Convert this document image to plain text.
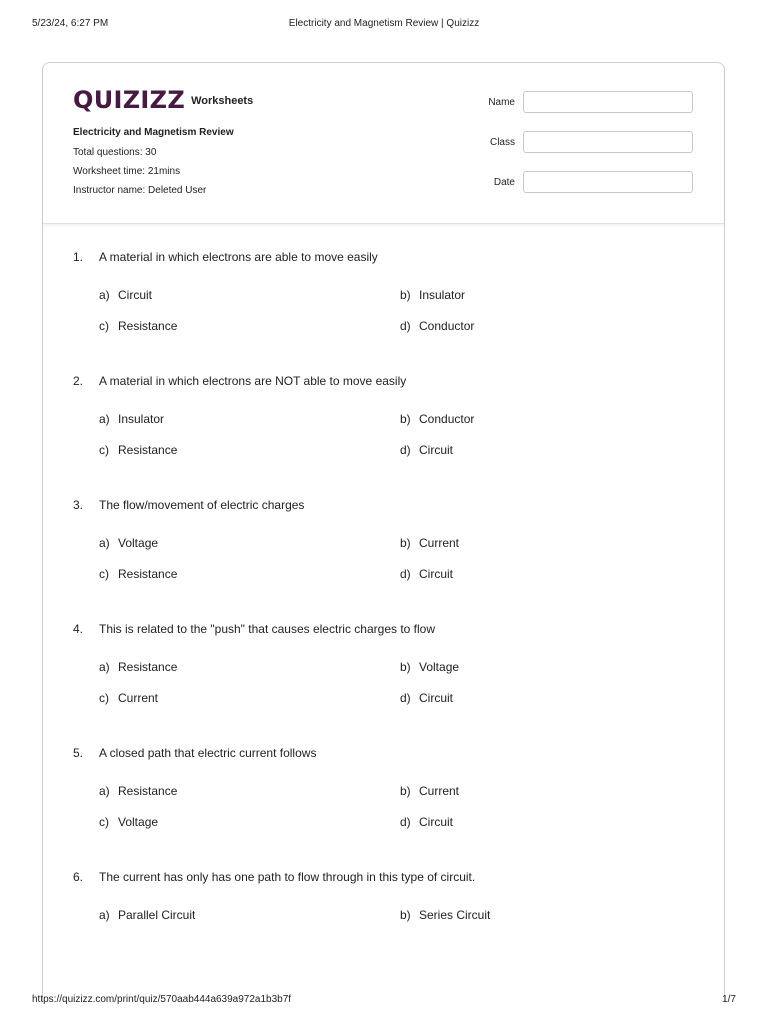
5/23/24, 6:27 PM	Electricity and Magnetism Review | Quizizz
QUIZIZZ Worksheets
Electricity and Magnetism Review
Total questions: 30
Worksheet time: 21mins
Instructor name: Deleted User
Name
Class
Date
1. A material in which electrons are able to move easily
a) Circuit	b) Insulator
c) Resistance	d) Conductor
2. A material in which electrons are NOT able to move easily
a) Insulator	b) Conductor
c) Resistance	d) Circuit
3. The flow/movement of electric charges
a) Voltage	b) Current
c) Resistance	d) Circuit
4. This is related to the "push" that causes electric charges to flow
a) Resistance	b) Voltage
c) Current	d) Circuit
5. A closed path that electric current follows
a) Resistance	b) Current
c) Voltage	d) Circuit
6. The current has only has one path to flow through in this type of circuit.
a) Parallel Circuit	b) Series Circuit
https://quizizz.com/print/quiz/570aab444a639a972a1b3b7f	1/7
